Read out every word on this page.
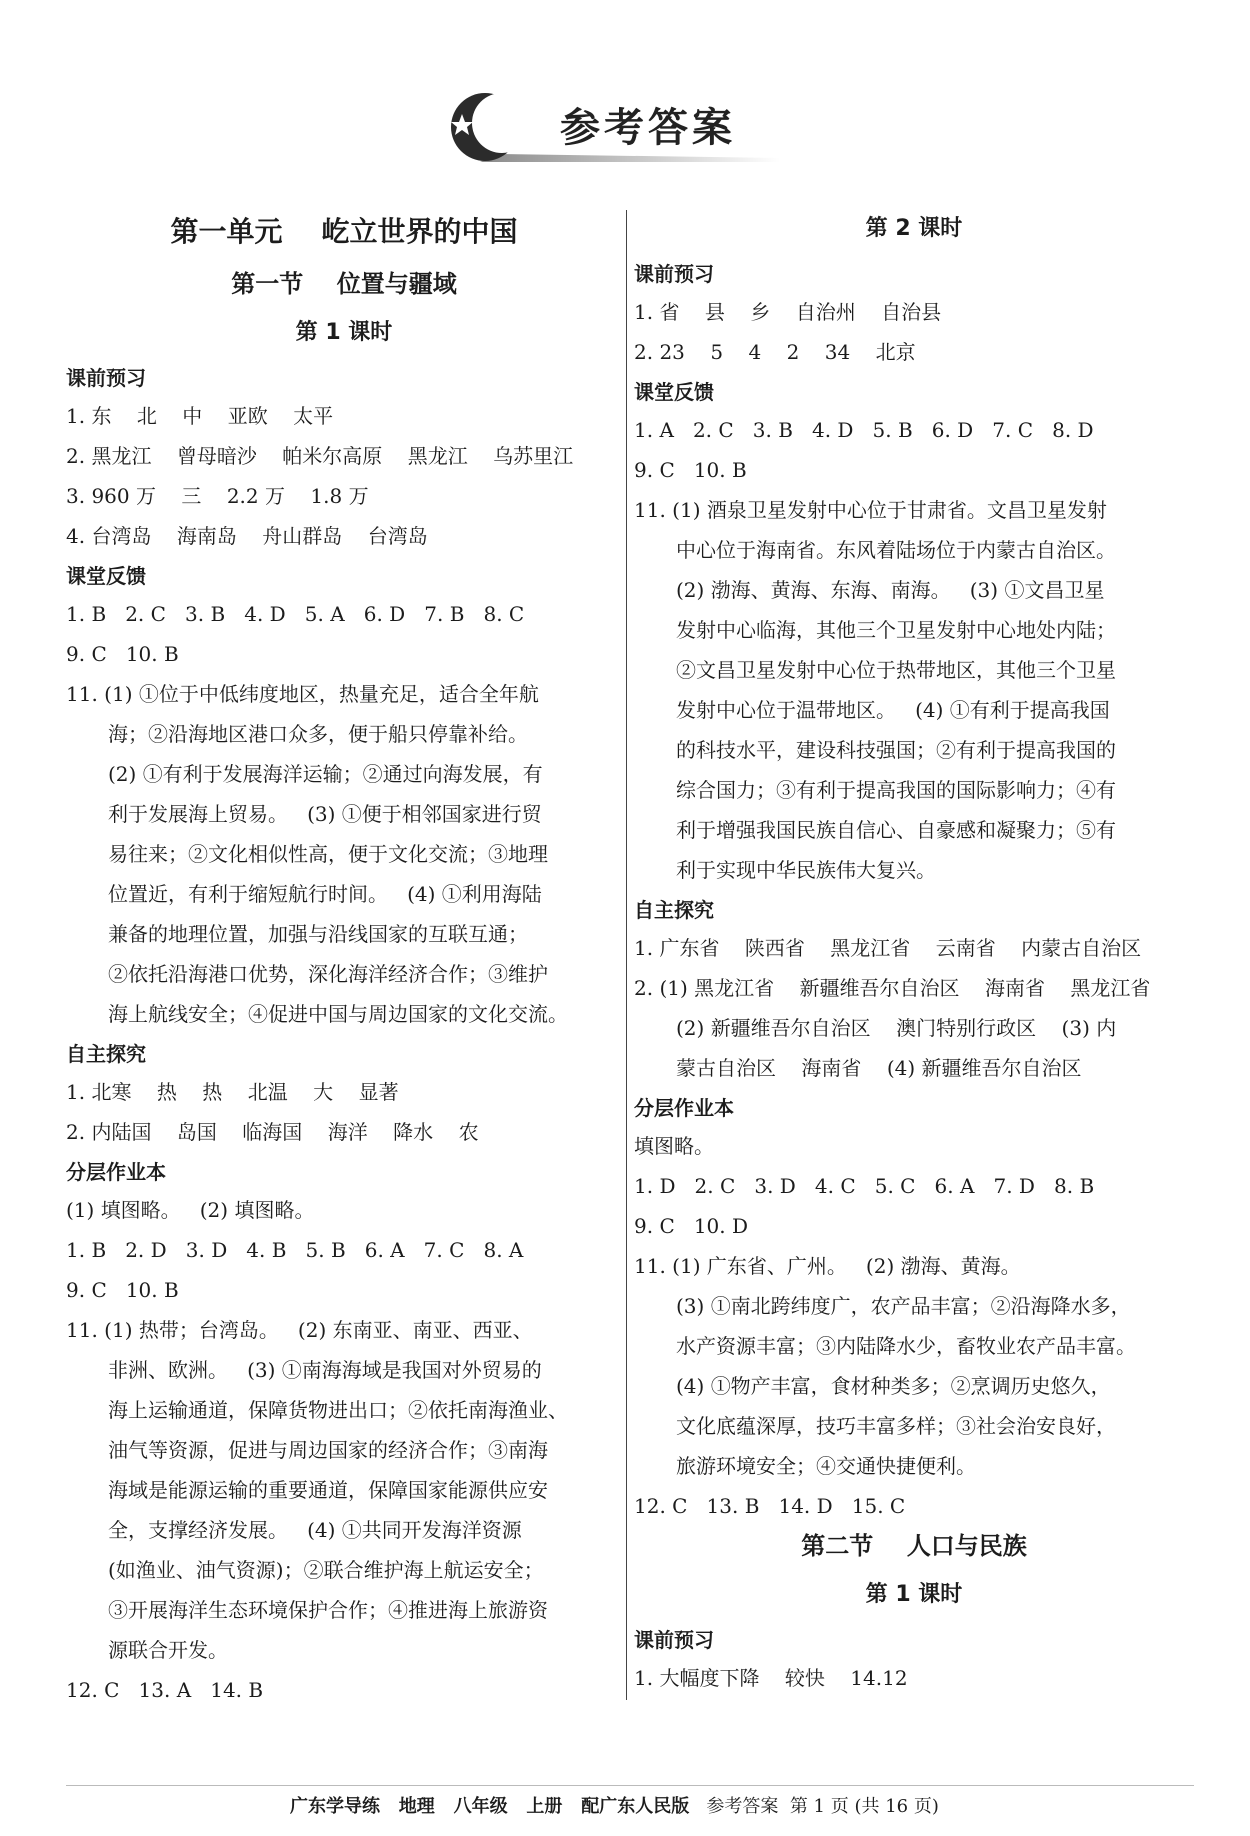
参考答案
第一单元    屹立世界的中国
第一节    位置与疆域
第 1 课时
课前预习
1. 东    北    中    亚欧    太平
2. 黑龙江    曾母暗沙    帕米尔高原    黑龙江    乌苏里江
3. 960 万    三    2.2 万    1.8 万
4. 台湾岛    海南岛    舟山群岛    台湾岛
课堂反馈
1. B   2. C   3. B   4. D   5. A   6. D   7. B   8. C
9. C   10. B
11. (1) ①位于中低纬度地区，热量充足，适合全年航
海；②沿海地区港口众多，便于船只停靠补给。
(2) ①有利于发展海洋运输；②通过向海发展，有
利于发展海上贸易。   (3) ①便于相邻国家进行贸
易往来；②文化相似性高，便于文化交流；③地理
位置近，有利于缩短航行时间。   (4) ①利用海陆
兼备的地理位置，加强与沿线国家的互联互通；
②依托沿海港口优势，深化海洋经济合作；③维护
海上航线安全；④促进中国与周边国家的文化交流。
自主探究
1. 北寒    热    热    北温    大    显著
2. 内陆国    岛国    临海国    海洋    降水    农
分层作业本
(1) 填图略。   (2) 填图略。
1. B   2. D   3. D   4. B   5. B   6. A   7. C   8. A
9. C   10. B
11. (1) 热带；台湾岛。   (2) 东南亚、南亚、西亚、
非洲、欧洲。   (3) ①南海海域是我国对外贸易的
海上运输通道，保障货物进出口；②依托南海渔业、
油气等资源，促进与周边国家的经济合作；③南海
海域是能源运输的重要通道，保障国家能源供应安
全，支撑经济发展。   (4) ①共同开发海洋资源
(如渔业、油气资源)；②联合维护海上航运安全；
③开展海洋生态环境保护合作；④推进海上旅游资
源联合开发。
12. C   13. A   14. B
第 2 课时
课前预习
1. 省    县    乡    自治州    自治县
2. 23    5    4    2    34    北京
课堂反馈
1. A   2. C   3. B   4. D   5. B   6. D   7. C   8. D
9. C   10. B
11. (1) 酒泉卫星发射中心位于甘肃省。文昌卫星发射
中心位于海南省。东风着陆场位于内蒙古自治区。
(2) 渤海、黄海、东海、南海。   (3) ①文昌卫星
发射中心临海，其他三个卫星发射中心地处内陆；
②文昌卫星发射中心位于热带地区，其他三个卫星
发射中心位于温带地区。   (4) ①有利于提高我国
的科技水平，建设科技强国；②有利于提高我国的
综合国力；③有利于提高我国的国际影响力；④有
利于增强我国民族自信心、自豪感和凝聚力；⑤有
利于实现中华民族伟大复兴。
自主探究
1. 广东省    陕西省    黑龙江省    云南省    内蒙古自治区
2. (1) 黑龙江省    新疆维吾尔自治区    海南省    黑龙江省
(2) 新疆维吾尔自治区    澳门特别行政区    (3) 内
蒙古自治区    海南省    (4) 新疆维吾尔自治区
分层作业本
填图略。
1. D   2. C   3. D   4. C   5. C   6. A   7. D   8. B
9. C   10. D
11. (1) 广东省、广州。   (2) 渤海、黄海。
(3) ①南北跨纬度广，农产品丰富；②沿海降水多，
水产资源丰富；③内陆降水少，畜牧业农产品丰富。
(4) ①物产丰富，食材种类多；②烹调历史悠久，
文化底蕴深厚，技巧丰富多样；③社会治安良好，
旅游环境安全；④交通快捷便利。
12. C   13. B   14. D   15. C
第二节    人口与民族
第 1 课时
课前预习
1. 大幅度下降    较快    14.12
广东学导练   地理   八年级   上册   配广东人民版 参考答案 第 1 页 (共 16 页)
